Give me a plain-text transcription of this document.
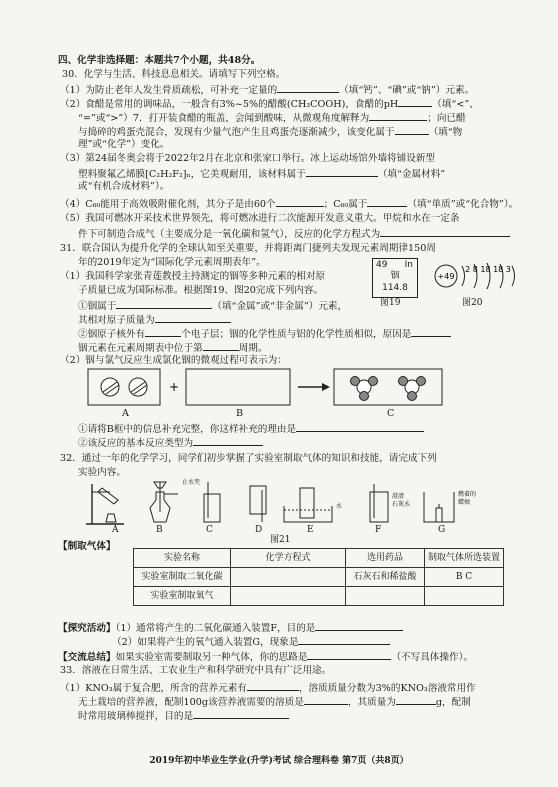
四、化学非选择题：本题共7个小题，共48分。
30．化学与生活、科技息息相关。请填写下列空格。
（1）为防止老年人发生骨质疏松，可补充一定量的	（填“钙”、“碘”或“钠”）元素。
（2）食醋是常用的调味品，一般含有3%~5%的醋酸(CH₃COOH)，食醋的pH	（填“<”、
“=”或“>”）7．打开装食醋的瓶盖，会闻到酸味，从微观角度解释为	；向已醋
与捣碎的鸡蛋壳混合，发现有少量气泡产生且鸡蛋壳逐渐减少，该变化属于	（填“物
理”或“化学”）变化。
（3）第24届冬奥会将于2022年2月在北京和张家口举行。冰上运动场馆外墙将铺设新型
塑料聚氟乙烯膜[C₂H₂F₂]ₙ，它美观耐用，该材料属于	（填“金属材料”
或“有机合成材料”）。
（4）C₆₀能用于高效吸附催化剂，其分子是由60个	；C₆₀属于	（填“单质”或“化合物”）。
（5）我国可燃冰开采技术世界领先，将可燃冰进行二次能源开发意义重大。甲烷和水在一定条
件下可制造合成气（主要成分是一氧化碳和氢气），反应的化学方程式为
31．联合国认为提升化学的全球认知至关重要，并将距离门捷列夫发现元素周期律150周
年的2019年定为“国际化学元素周期表年”。
（1）我国科学家张青莲教授主持测定的铟等多种元素的相对原
子质量已成为国际标准。根据图19、图20完成下列内容。
①铟属于	（填“金属”或“非金属”）元素，
其相对原子质量为
49 In
铟
114.8
图19
+49
2 8 18 18 3
图20
②铟原子核外有	个电子层；铟的化学性质与铝的化学性质相似，原因是
铟元素在元素周期表中位于第	周期。
（2）铟与氯气反应生成氯化铟的微观过程可表示为：
+
A	B	C
①请将B框中的信息补充完整，你这样补充的理由是
②该反应的基本反应类型为
32．通过一年的化学学习，同学们初步掌握了实验室制取气体的知识和技能，请完成下列
实验内容。
止水夹
水
澄清
石灰水
燃着的
蜡烛
A	B	C	D	E	F	G
图21
【制取气体】
实验名称	化学方程式	选用药品	制取气体所选装置
实验室制取二氧化碳		石灰石和稀盐酸	B C
实验室制取氧气			
【探究活动】（1）通常将产生的二氧化碳通入装置F，目的是
（2）如果将产生的氧气通入装置G，现象是
【交流总结】如果实验室需要制取另一种气体，你的思路是	（不写具体操作）。
33．溶液在日常生活、工农业生产和科学研究中具有广泛用途。
（1）KNO₃属于复合肥，所含的营养元素有	，溶质质量分数为3%的KNO₃溶液常用作
无土栽培的营养液，配制100g该营养液需要的溶质是	，其质量为	g，配制
时常用玻璃棒搅拌，目的是
2019年初中毕业生学业(升学)考试 综合理科卷 第7页（共8页）
